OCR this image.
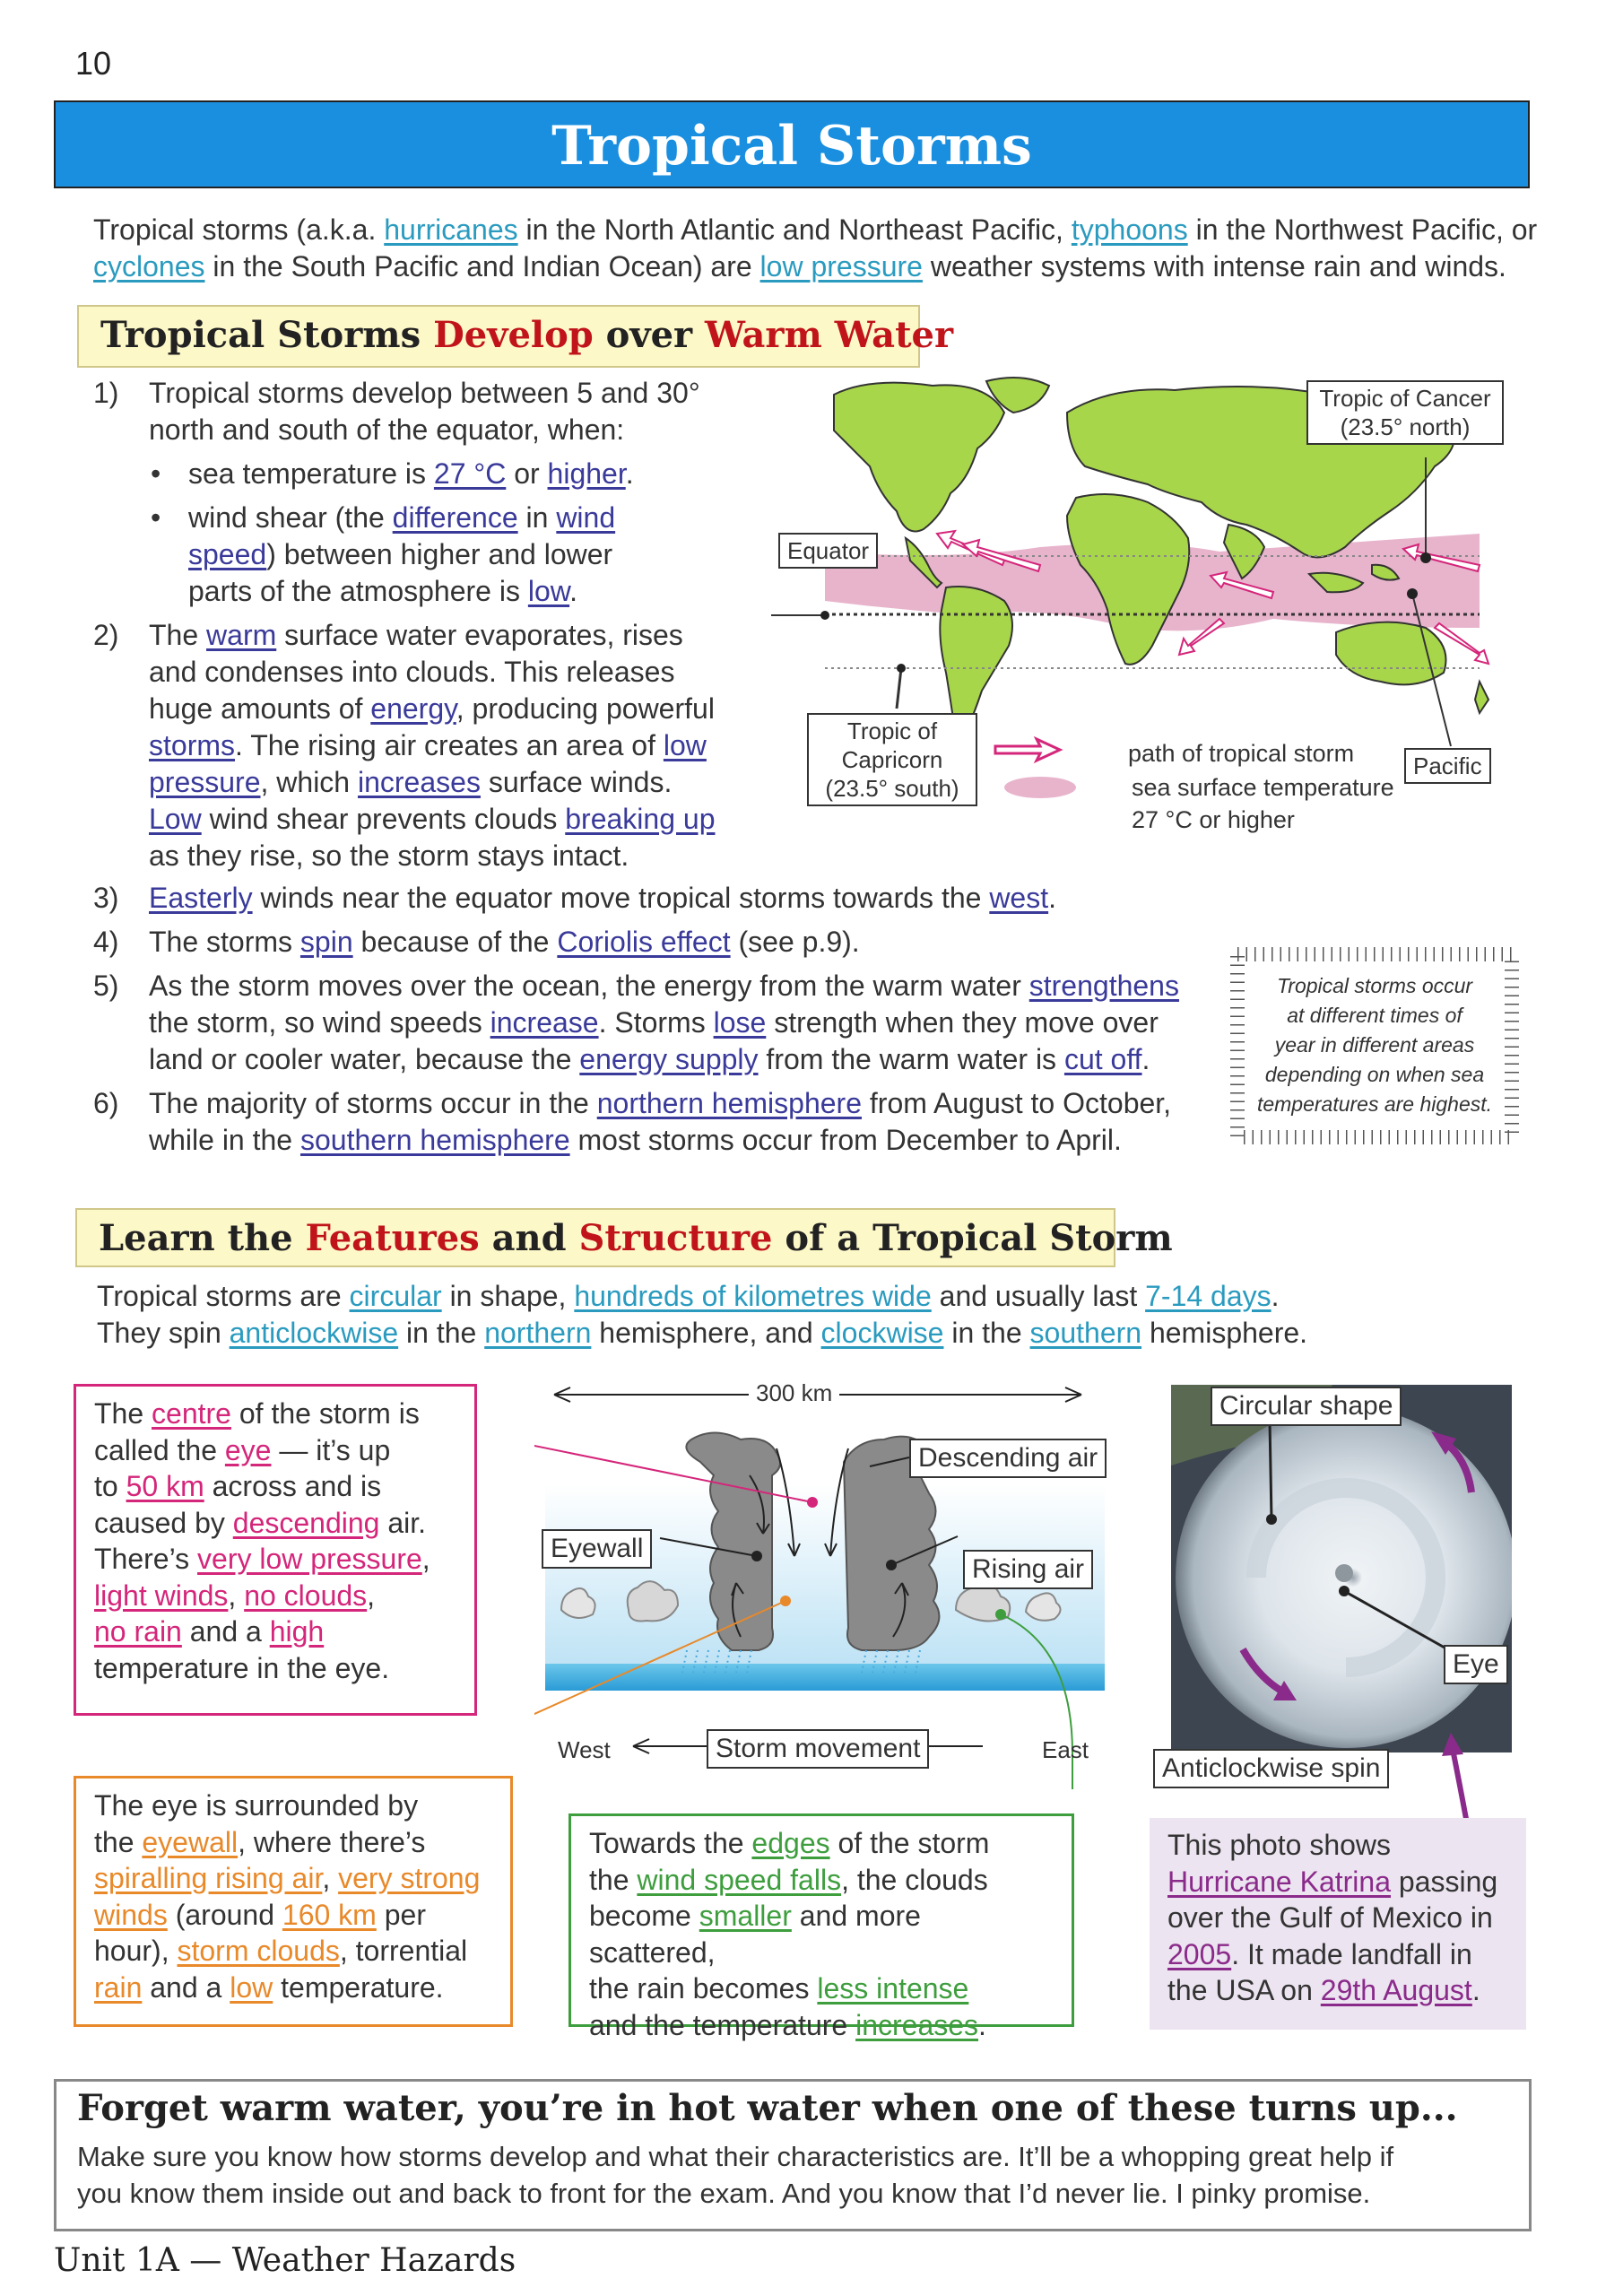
10
Tropical Storms
Tropical storms (a.k.a. hurricanes in the North Atlantic and Northeast Pacific, typhoons in the Northwest Pacific, or
cyclones in the South Pacific and Indian Ocean) are low pressure weather systems with intense rain and winds.
Tropical Storms Develop over Warm Water
1)	Tropical storms develop between 5 and 30°
north and south of the equator, when:
• sea temperature is 27 °C or higher.
• wind shear (the difference in wind
speed) between higher and lower
parts of the atmosphere is low.
2)	The warm surface water evaporates, rises
and condenses into clouds. This releases
huge amounts of energy, producing powerful
storms. The rising air creates an area of low
pressure, which increases surface winds.
Low wind shear prevents clouds breaking up
as they rise, so the storm stays intact.
3)	Easterly winds near the equator move tropical storms towards the west.
4)	The storms spin because of the Coriolis effect (see p.9).
5)	As the storm moves over the ocean, the energy from the warm water strengthens
the storm, so wind speeds increase. Storms lose strength when they move over
land or cooler water, because the energy supply from the warm water is cut off.
6)	The majority of storms occur in the northern hemisphere from August to October,
while in the southern hemisphere most storms occur from December to April.
Equator
Tropic of Cancer
(23.5° north)
Tropic of
Capricorn
(23.5° south)
Pacific
path of tropical storm
sea surface temperature
27 °C or higher
Tropical storms occur
at different times of
year in different areas
depending on when sea
temperatures are highest.
Learn the Features and Structure of a Tropical Storm
Tropical storms are circular in shape, hundreds of kilometres wide and usually last 7-14 days.
They spin anticlockwise in the northern hemisphere, and clockwise in the southern hemisphere.
The centre of the storm is
called the eye — it’s up
to 50 km across and is
caused by descending air.
There’s very low pressure,
light winds, no clouds,
no rain and a high
temperature in the eye.
300 km
Descending air
Eyewall
Rising air
West	Storm movement	East
Circular shape
Eye
Anticlockwise spin
The eye is surrounded by
the eyewall, where there’s
spiralling rising air, very strong
winds (around 160 km per
hour), storm clouds, torrential
rain and a low temperature.
Towards the edges of the storm
the wind speed falls, the clouds
become smaller and more scattered,
the rain becomes less intense
and the temperature increases.
This photo shows
Hurricane Katrina passing
over the Gulf of Mexico in
2005. It made landfall in
the USA on 29th August.
Forget warm water, you’re in hot water when one of these turns up...
Make sure you know how storms develop and what their characteristics are. It’ll be a whopping great help if
you know them inside out and back to front for the exam. And you know that I’d never lie. I pinky promise.
Unit 1A — Weather Hazards
